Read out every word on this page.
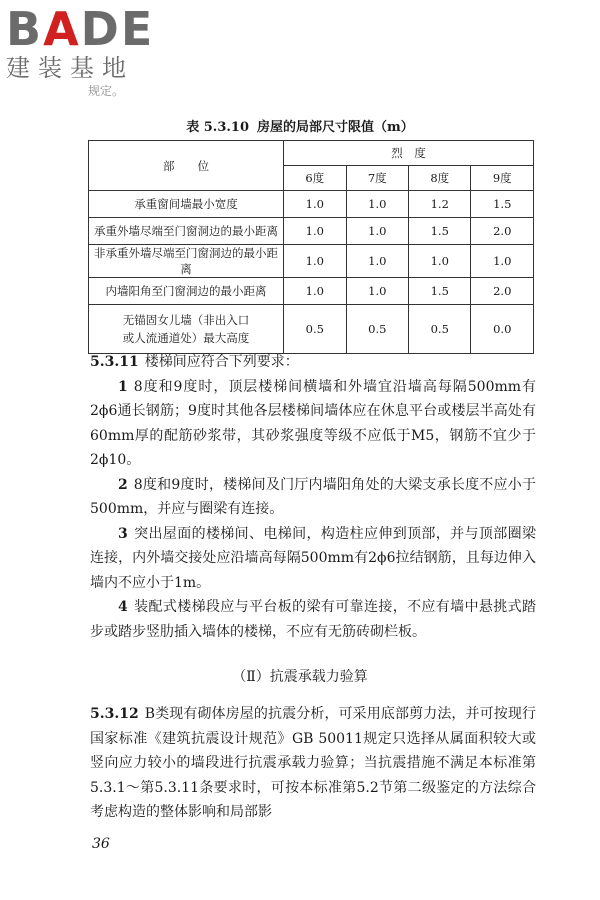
BADE
建装基地
规定。
表 5.3.10 房屋的局部尺寸限值（m）
部　　位	烈　度			
	6度	7度	8度	9度
承重窗间墙最小宽度	1.0	1.0	1.2	1.5
承重外墙尽端至门窗洞边的最小距离	1.0	1.0	1.5	2.0
非承重外墙尽端至门窗洞边的最小距离	1.0	1.0	1.0	1.0
内墙阳角至门窗洞边的最小距离	1.0	1.0	1.5	2.0
无锚固女儿墙（非出入口
或人流通道处）最大高度	0.5	0.5	0.5	0.0

5.3.11 楼梯间应符合下列要求：

1 8度和9度时，顶层楼梯间横墙和外墙宜沿墙高每隔500mm有2ϕ6通长钢筋；9度时其他各层楼梯间墙体应在休息平台或楼层半高处有60mm厚的配筋砂浆带，其砂浆强度等级不应低于M5，钢筋不宜少于2ϕ10。

2 8度和9度时，楼梯间及门厅内墙阳角处的大梁支承长度不应小于500mm，并应与圈梁有连接。

3 突出屋面的楼梯间、电梯间，构造柱应伸到顶部，并与顶部圈梁连接，内外墙交接处应沿墙高每隔500mm有2ϕ6拉结钢筋，且每边伸入墙内不应小于1m。

4 装配式楼梯段应与平台板的梁有可靠连接，不应有墙中悬挑式踏步或踏步竖肋插入墙体的楼梯，不应有无筋砖砌栏板。

（Ⅱ）抗震承载力验算

5.3.12 B类现有砌体房屋的抗震分析，可采用底部剪力法，并可按现行国家标准《建筑抗震设计规范》GB 50011规定只选择从属面积较大或竖向应力较小的墙段进行抗震承载力验算；当抗震措施不满足本标准第5.3.1～第5.3.11条要求时，可按本标准第5.2节第二级鉴定的方法综合考虑构造的整体影响和局部影

36
